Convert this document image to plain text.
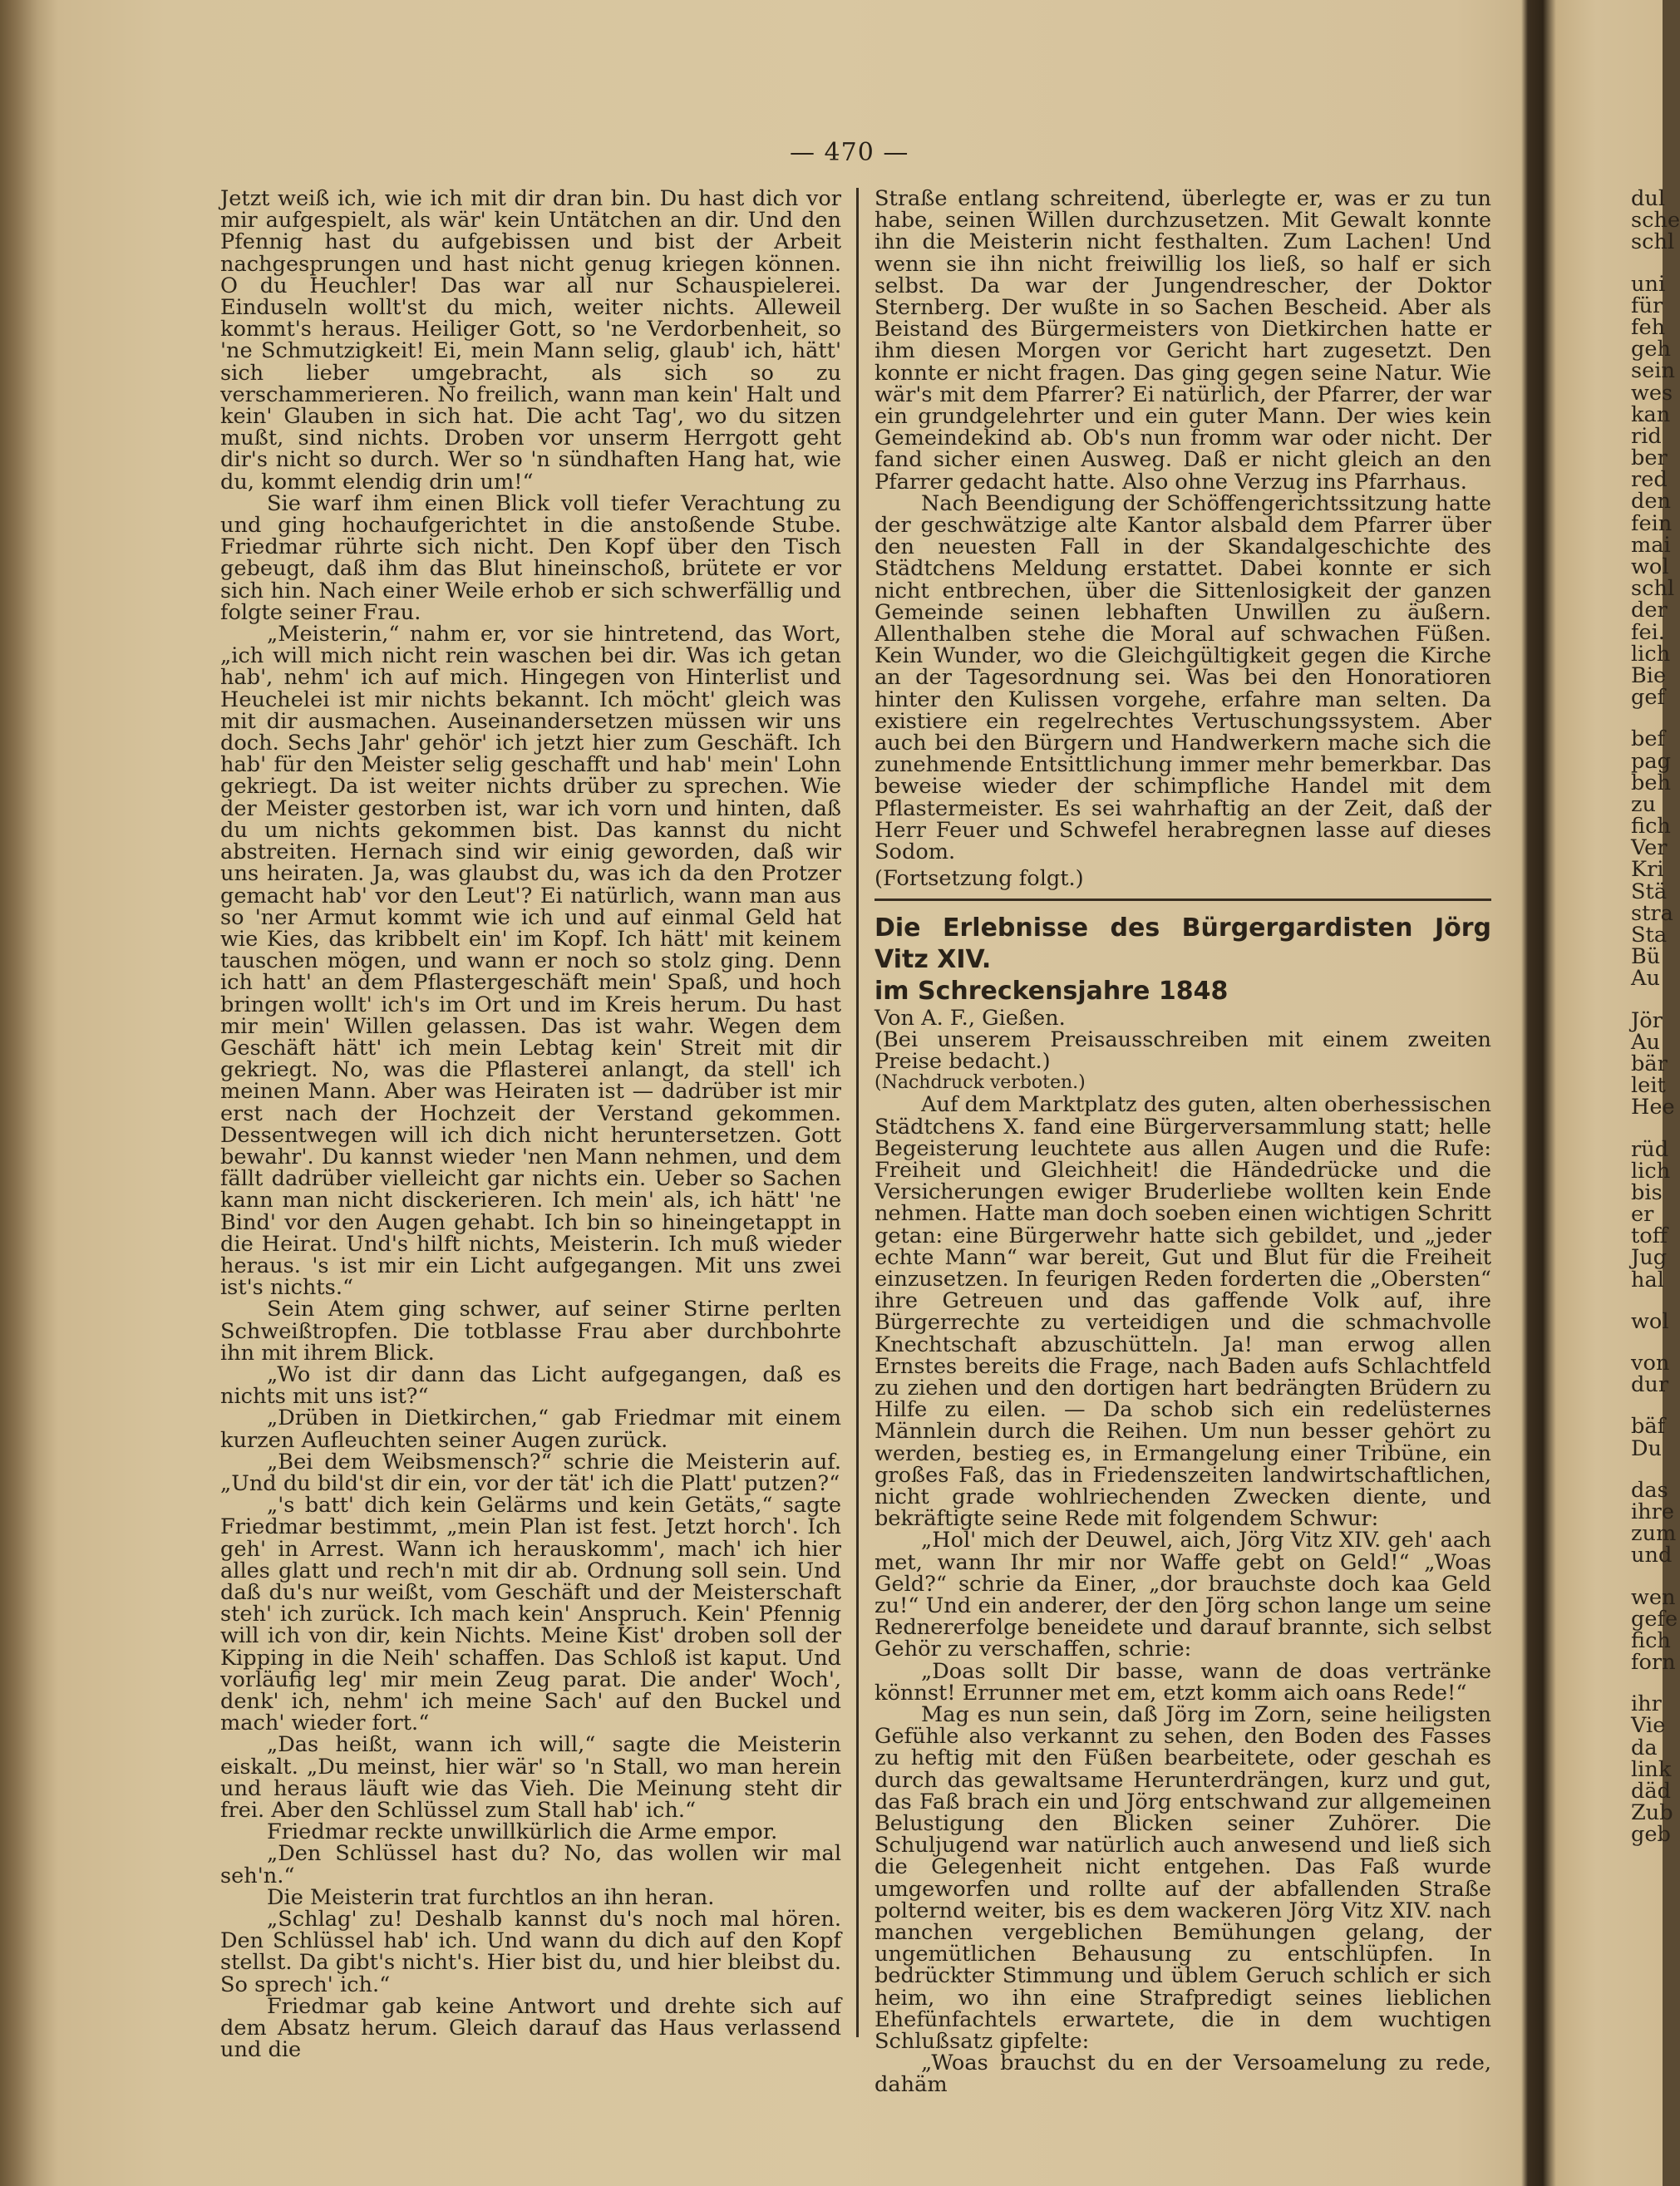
— 470 —

Jetzt weiß ich, wie ich mit dir dran bin. Du hast dich vor mir aufgespielt, als wär' kein Untätchen an dir. Und den Pfennig hast du aufgebissen und bist der Arbeit nachgesprungen und hast nicht genug kriegen können. O du Heuchler! Das war all nur Schauspielerei. Einduseln wollt'st du mich, weiter nichts. Alleweil kommt's heraus. Heiliger Gott, so 'ne Verdorbenheit, so 'ne Schmutzigkeit! Ei, mein Mann selig, glaub' ich, hätt' sich lieber umgebracht, als sich so zu verschammerieren. No freilich, wann man kein' Halt und kein' Glauben in sich hat. Die acht Tag', wo du sitzen mußt, sind nichts. Droben vor unserm Herrgott geht dir's nicht so durch. Wer so 'n sündhaften Hang hat, wie du, kommt elendig drin um!“

Sie warf ihm einen Blick voll tiefer Verachtung zu und ging hochaufgerichtet in die anstoßende Stube. Friedmar rührte sich nicht. Den Kopf über den Tisch gebeugt, daß ihm das Blut hineinschoß, brütete er vor sich hin. Nach einer Weile erhob er sich schwerfällig und folgte seiner Frau.

„Meisterin,“ nahm er, vor sie hintretend, das Wort, „ich will mich nicht rein waschen bei dir. Was ich getan hab', nehm' ich auf mich. Hingegen von Hinterlist und Heuchelei ist mir nichts bekannt. Ich möcht' gleich was mit dir ausmachen. Auseinandersetzen müssen wir uns doch. Sechs Jahr' gehör' ich jetzt hier zum Geschäft. Ich hab' für den Meister selig geschafft und hab' mein' Lohn gekriegt. Da ist weiter nichts drüber zu sprechen. Wie der Meister gestorben ist, war ich vorn und hinten, daß du um nichts gekommen bist. Das kannst du nicht abstreiten. Hernach sind wir einig geworden, daß wir uns heiraten. Ja, was glaubst du, was ich da den Protzer gemacht hab' vor den Leut'? Ei natürlich, wann man aus so 'ner Armut kommt wie ich und auf einmal Geld hat wie Kies, das kribbelt ein' im Kopf. Ich hätt' mit keinem tauschen mögen, und wann er noch so stolz ging. Denn ich hatt' an dem Pflastergeschäft mein' Spaß, und hoch bringen wollt' ich's im Ort und im Kreis herum. Du hast mir mein' Willen gelassen. Das ist wahr. Wegen dem Geschäft hätt' ich mein Lebtag kein' Streit mit dir gekriegt. No, was die Pflasterei anlangt, da stell' ich meinen Mann. Aber was Heiraten ist — dadrüber ist mir erst nach der Hochzeit der Verstand gekommen. Dessentwegen will ich dich nicht heruntersetzen. Gott bewahr'. Du kannst wieder 'nen Mann nehmen, und dem fällt dadrüber vielleicht gar nichts ein. Ueber so Sachen kann man nicht disckerieren. Ich mein' als, ich hätt' 'ne Bind' vor den Augen gehabt. Ich bin so hineingetappt in die Heirat. Und's hilft nichts, Meisterin. Ich muß wieder heraus. 's ist mir ein Licht aufgegangen. Mit uns zwei ist's nichts.“

Sein Atem ging schwer, auf seiner Stirne perlten Schweißtropfen. Die totblasse Frau aber durchbohrte ihn mit ihrem Blick.

„Wo ist dir dann das Licht aufgegangen, daß es nichts mit uns ist?“

„Drüben in Dietkirchen,“ gab Friedmar mit einem kurzen Aufleuchten seiner Augen zurück.

„Bei dem Weibsmensch?“ schrie die Meisterin auf. „Und du bild'st dir ein, vor der tät' ich die Platt' putzen?“

„'s batt' dich kein Gelärms und kein Getäts,“ sagte Friedmar bestimmt, „mein Plan ist fest. Jetzt horch'. Ich geh' in Arrest. Wann ich herauskomm', mach' ich hier alles glatt und rech'n mit dir ab. Ordnung soll sein. Und daß du's nur weißt, vom Geschäft und der Meisterschaft steh' ich zurück. Ich mach kein' Anspruch. Kein' Pfennig will ich von dir, kein Nichts. Meine Kist' droben soll der Kipping in die Neih' schaffen. Das Schloß ist kaput. Und vorläufig leg' mir mein Zeug parat. Die ander' Woch', denk' ich, nehm' ich meine Sach' auf den Buckel und mach' wieder fort.“

„Das heißt, wann ich will,“ sagte die Meisterin eiskalt. „Du meinst, hier wär' so 'n Stall, wo man herein und heraus läuft wie das Vieh. Die Meinung steht dir frei. Aber den Schlüssel zum Stall hab' ich.“

Friedmar reckte unwillkürlich die Arme empor.

„Den Schlüssel hast du? No, das wollen wir mal seh'n.“

Die Meisterin trat furchtlos an ihn heran.

„Schlag' zu! Deshalb kannst du's noch mal hören. Den Schlüssel hab' ich. Und wann du dich auf den Kopf stellst. Da gibt's nicht's. Hier bist du, und hier bleibst du. So sprech' ich.“

Friedmar gab keine Antwort und drehte sich auf dem Absatz herum. Gleich darauf das Haus verlassend und die

Straße entlang schreitend, überlegte er, was er zu tun habe, seinen Willen durchzusetzen. Mit Gewalt konnte ihn die Meisterin nicht festhalten. Zum Lachen! Und wenn sie ihn nicht freiwillig los ließ, so half er sich selbst. Da war der Jungendrescher, der Doktor Sternberg. Der wußte in so Sachen Bescheid. Aber als Beistand des Bürgermeisters von Dietkirchen hatte er ihm diesen Morgen vor Gericht hart zugesetzt. Den konnte er nicht fragen. Das ging gegen seine Natur. Wie wär's mit dem Pfarrer? Ei natürlich, der Pfarrer, der war ein grundgelehrter und ein guter Mann. Der wies kein Gemeindekind ab. Ob's nun fromm war oder nicht. Der fand sicher einen Ausweg. Daß er nicht gleich an den Pfarrer gedacht hatte. Also ohne Verzug ins Pfarrhaus.

Nach Beendigung der Schöffengerichtssitzung hatte der geschwätzige alte Kantor alsbald dem Pfarrer über den neuesten Fall in der Skandalgeschichte des Städtchens Meldung erstattet. Dabei konnte er sich nicht entbrechen, über die Sittenlosigkeit der ganzen Gemeinde seinen lebhaften Unwillen zu äußern. Allenthalben stehe die Moral auf schwachen Füßen. Kein Wunder, wo die Gleichgültigkeit gegen die Kirche an der Tagesordnung sei. Was bei den Honoratioren hinter den Kulissen vorgehe, erfahre man selten. Da existiere ein regelrechtes Vertuschungssystem. Aber auch bei den Bürgern und Handwerkern mache sich die zunehmende Entsittlichung immer mehr bemerkbar. Das beweise wieder der schimpfliche Handel mit dem Pflastermeister. Es sei wahrhaftig an der Zeit, daß der Herr Feuer und Schwefel herabregnen lasse auf dieses Sodom.

(Fortsetzung folgt.)

Die Erlebnisse des Bürgergardisten Jörg Vitz XIV.

im Schreckensjahre 1848

Von A. F., Gießen.

(Bei unserem Preisausschreiben mit einem zweiten Preise bedacht.)

(Nachdruck verboten.)

Auf dem Marktplatz des guten, alten oberhessischen Städtchens X. fand eine Bürgerversammlung statt; helle Begeisterung leuchtete aus allen Augen und die Rufe: Freiheit und Gleichheit! die Händedrücke und die Versicherungen ewiger Bruderliebe wollten kein Ende nehmen. Hatte man doch soeben einen wichtigen Schritt getan: eine Bürgerwehr hatte sich gebildet, und „jeder echte Mann“ war bereit, Gut und Blut für die Freiheit einzusetzen. In feurigen Reden forderten die „Obersten“ ihre Getreuen und das gaffende Volk auf, ihre Bürgerrechte zu verteidigen und die schmachvolle Knechtschaft abzuschütteln. Ja! man erwog allen Ernstes bereits die Frage, nach Baden aufs Schlachtfeld zu ziehen und den dortigen hart bedrängten Brüdern zu Hilfe zu eilen. — Da schob sich ein redelüsternes Männlein durch die Reihen. Um nun besser gehört zu werden, bestieg es, in Ermangelung einer Tribüne, ein großes Faß, das in Friedenszeiten landwirtschaftlichen, nicht grade wohlriechenden Zwecken diente, und bekräftigte seine Rede mit folgendem Schwur:

„Hol' mich der Deuwel, aich, Jörg Vitz XIV. geh' aach met, wann Ihr mir nor Waffe gebt on Geld!“ „Woas Geld?“ schrie da Einer, „dor brauchste doch kaa Geld zu!“ Und ein anderer, der den Jörg schon lange um seine Rednererfolge beneidete und darauf brannte, sich selbst Gehör zu verschaffen, schrie:

„Doas sollt Dir basse, wann de doas vertränke könnst! Errunner met em, etzt komm aich oans Rede!“

Mag es nun sein, daß Jörg im Zorn, seine heiligsten Gefühle also verkannt zu sehen, den Boden des Fasses zu heftig mit den Füßen bearbeitete, oder geschah es durch das gewaltsame Herunterdrängen, kurz und gut, das Faß brach ein und Jörg entschwand zur allgemeinen Belustigung den Blicken seiner Zuhörer. Die Schuljugend war natürlich auch anwesend und ließ sich die Gelegenheit nicht entgehen. Das Faß wurde umgeworfen und rollte auf der abfallenden Straße polternd weiter, bis es dem wackeren Jörg Vitz XIV. nach manchen vergeblichen Bemühungen gelang, der ungemütlichen Behausung zu entschlüpfen. In bedrückter Stimmung und üblem Geruch schlich er sich heim, wo ihn eine Strafpredigt seines lieblichen Ehefünfachtels erwartete, die in dem wuchtigen Schlußsatz gipfelte:

„Woas brauchst du en der Versoamelung zu rede, dahäm

dul
sche
schl
uni
für
feh
geh
sein
wes
kan
rid
ber
red
den
fein
mai
wol
schl
der
fei.
lich
Bie
gef
bef
pag
beh
zu
fich
Ver
Kri
Stä
stra
Sta
Bü
Au
Jör
Au
bär
leit
Hee
rüd
lich
bis
er
toff
Jug
hal
wol
von
dur
bäf
Du
das
ihre
zum
und
wen
gefe
fich
forn
ihr
Vie
da
link
däd
Zub
geb
